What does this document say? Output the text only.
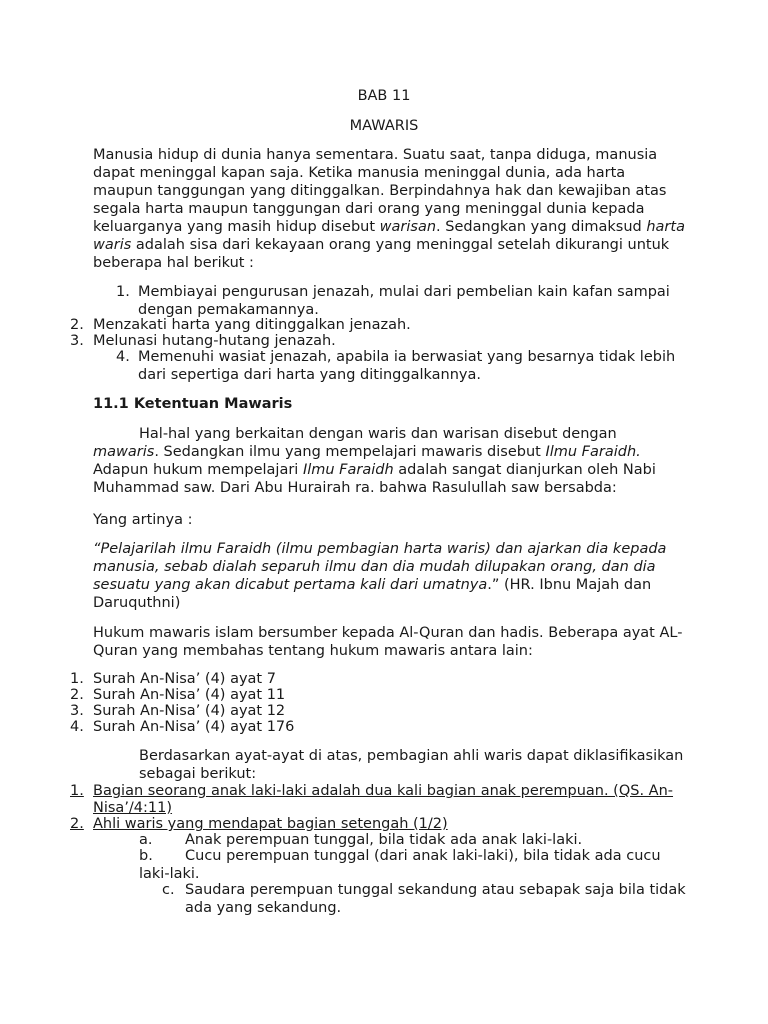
BAB 11
MAWARIS
Manusia hidup di dunia hanya sementara. Suatu saat, tanpa diduga, manusia
dapat meninggal kapan saja. Ketika manusia meninggal dunia, ada harta
maupun tanggungan yang ditinggalkan. Berpindahnya hak dan kewajiban atas
segala harta maupun tanggungan dari orang yang meninggal dunia kepada
keluarganya yang masih hidup disebut warisan. Sedangkan yang dimaksud harta
waris adalah sisa dari kekayaan orang yang meninggal setelah dikurangi untuk
beberapa hal berikut :
1. Membiayai pengurusan jenazah, mulai dari pembelian kain kafan sampai
dengan pemakamannya.
2. Menzakati harta yang ditinggalkan jenazah.
3. Melunasi hutang-hutang jenazah.
4. Memenuhi wasiat jenazah, apabila ia berwasiat yang besarnya tidak lebih
dari sepertiga dari harta yang ditinggalkannya.
11.1 Ketentuan Mawaris
Hal-hal yang berkaitan dengan waris dan warisan disebut dengan
mawaris. Sedangkan ilmu yang mempelajari mawaris disebut Ilmu Faraidh.
Adapun hukum mempelajari Ilmu Faraidh adalah sangat dianjurkan oleh Nabi
Muhammad saw. Dari Abu Hurairah ra. bahwa Rasulullah saw bersabda:
Yang artinya :
“Pelajarilah ilmu Faraidh (ilmu pembagian harta waris) dan ajarkan dia kepada
manusia, sebab dialah separuh ilmu dan dia mudah dilupakan orang, dan dia
sesuatu yang akan dicabut pertama kali dari umatnya.” (HR. Ibnu Majah dan
Daruquthni)
Hukum mawaris islam bersumber kepada Al-Quran dan hadis. Beberapa ayat AL-
Quran yang membahas tentang hukum mawaris antara lain:
1. Surah An-Nisa’ (4) ayat 7
2. Surah An-Nisa’ (4) ayat 11
3. Surah An-Nisa’ (4) ayat 12
4. Surah An-Nisa’ (4) ayat 176
Berdasarkan ayat-ayat di atas, pembagian ahli waris dapat diklasifikasikan
sebagai berikut:
1. Bagian seorang anak laki-laki adalah dua kali bagian anak perempuan. (QS. An-
Nisa’/4:11)
2. Ahli waris yang mendapat bagian setengah (1/2)
a. Anak perempuan tunggal, bila tidak ada anak laki-laki.
b. Cucu perempuan tunggal (dari anak laki-laki), bila tidak ada cucu
laki-laki.
c. Saudara perempuan tunggal sekandung atau sebapak saja bila tidak
ada yang sekandung.
